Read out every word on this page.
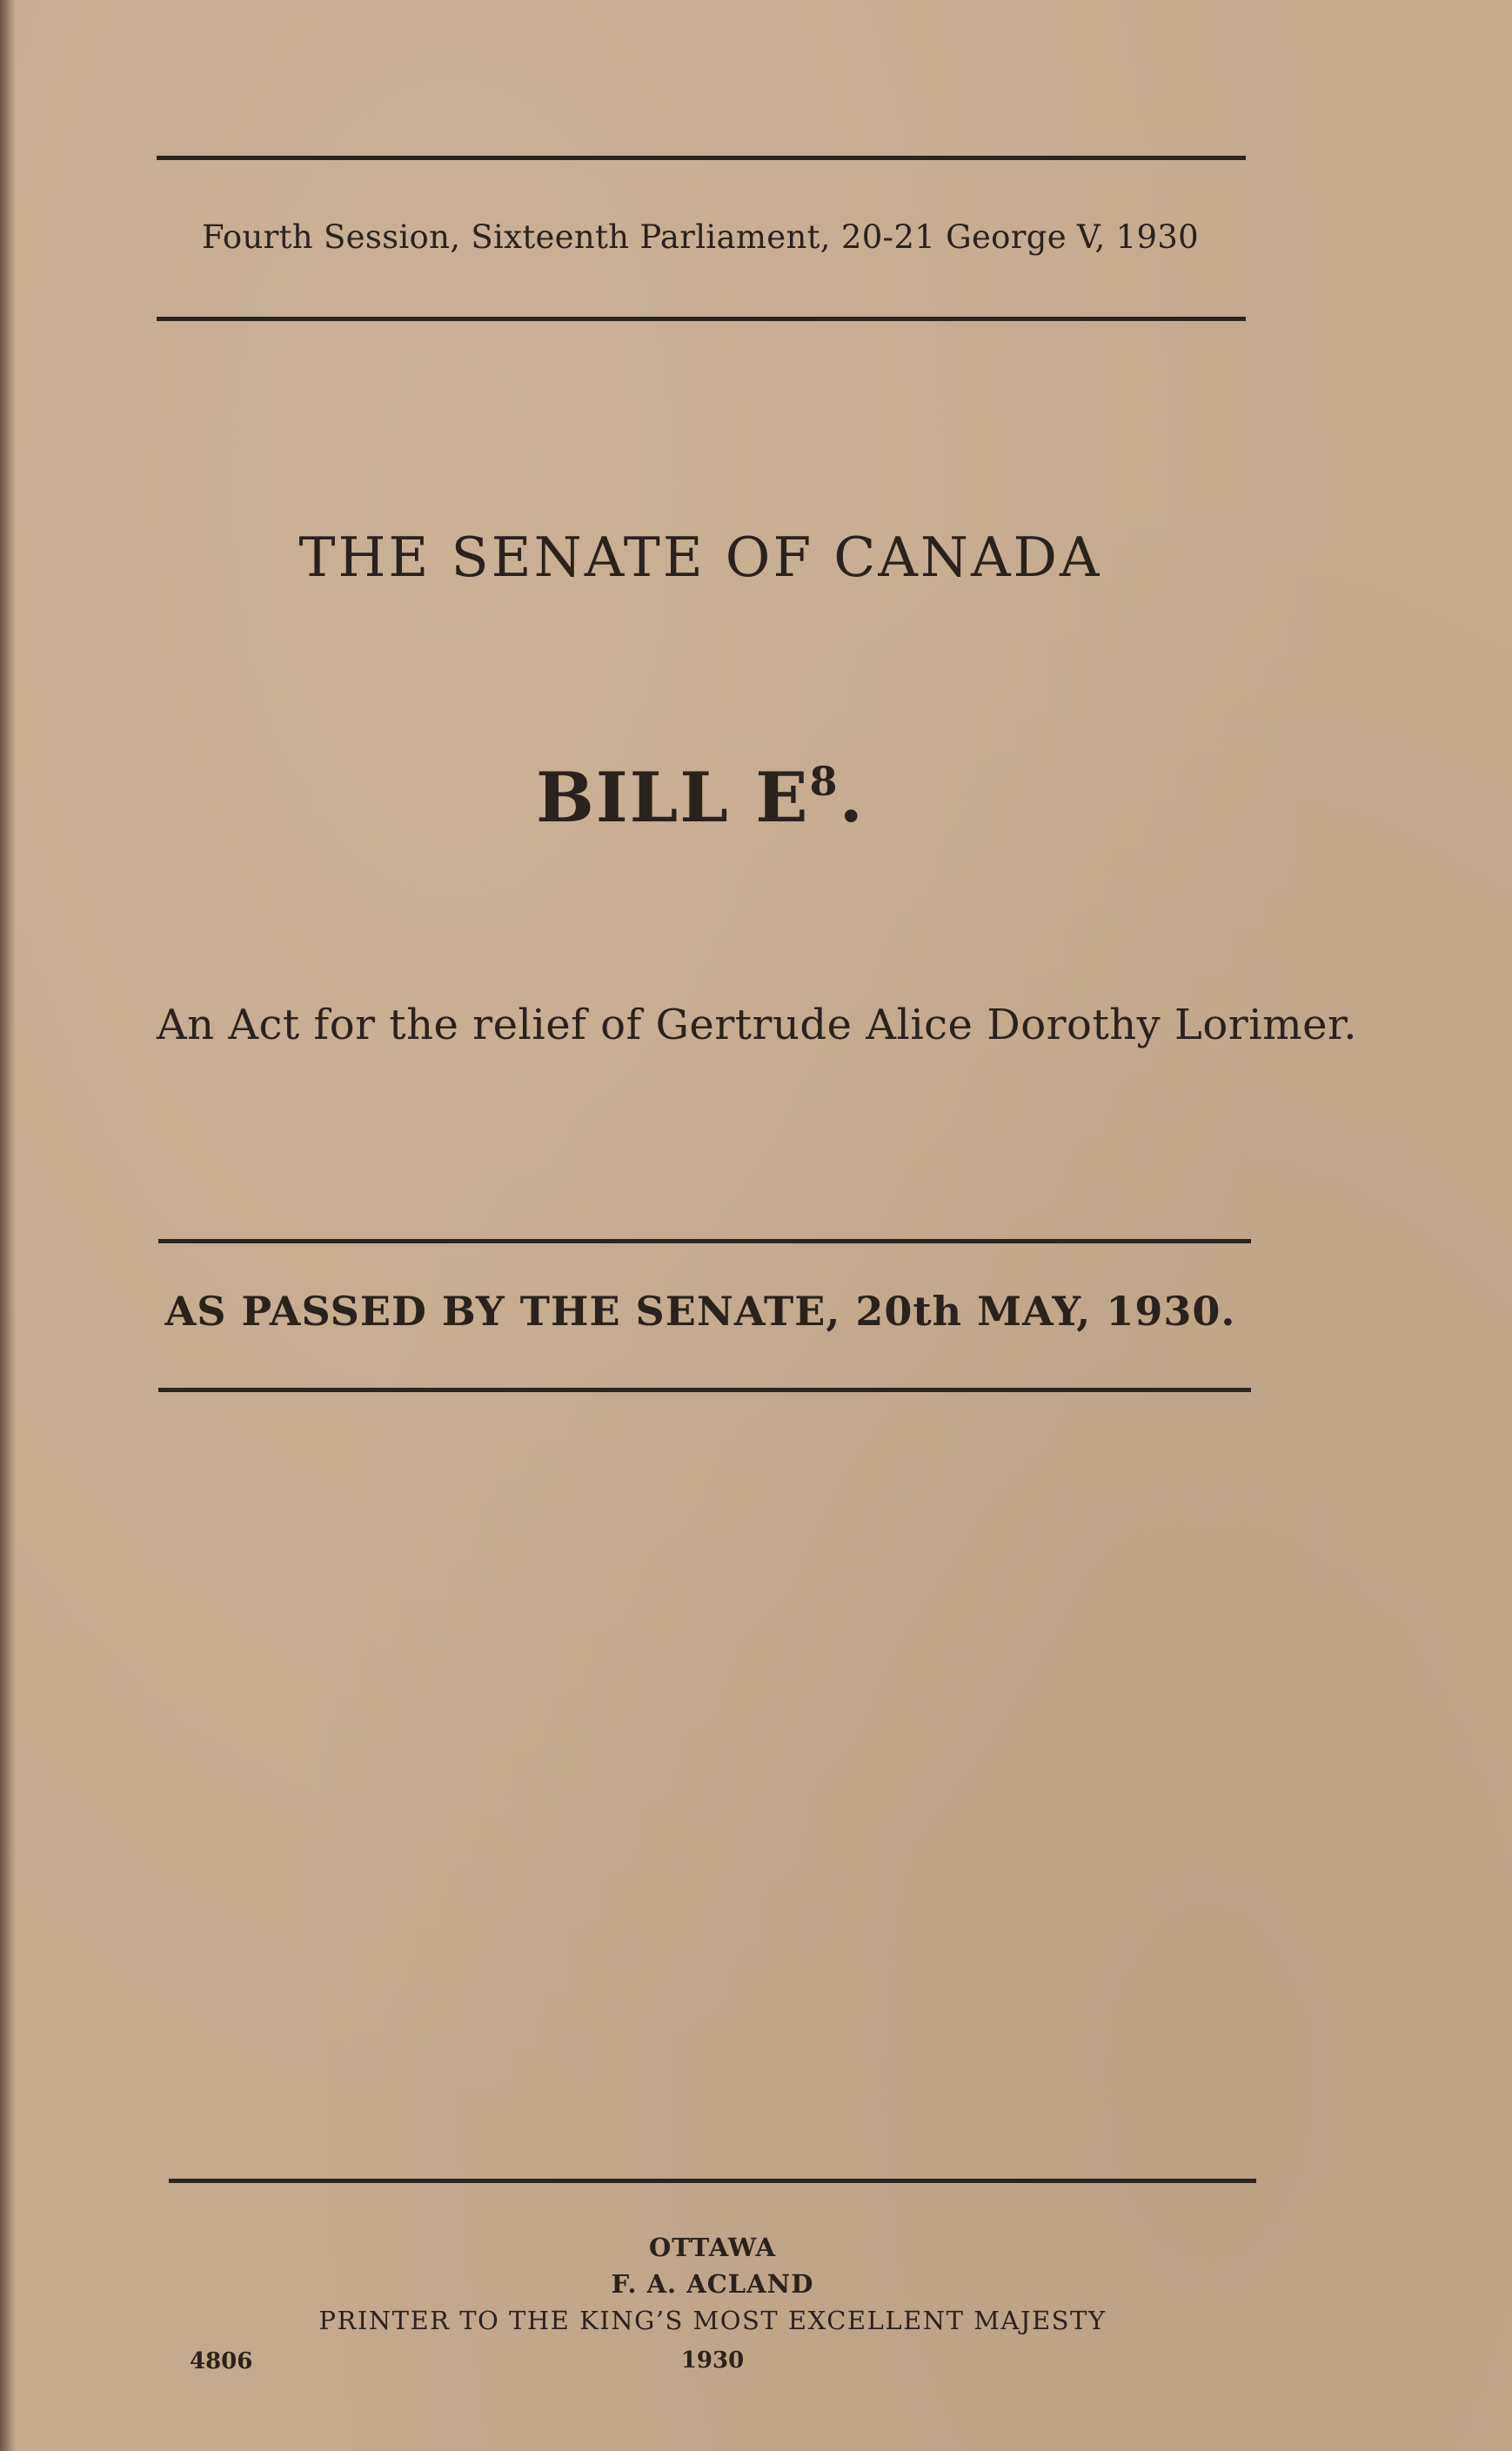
Fourth Session, Sixteenth Parliament, 20-21 George V, 1930
THE SENATE OF CANADA
BILL $E^8$.
An Act for the relief of Gertrude Alice Dorothy Lorimer.
AS PASSED BY THE SENATE, 20th MAY, 1930.
OTTAWA
F. A. ACLAND
PRINTER TO THE KING’S MOST EXCELLENT MAJESTY
1930
4806
